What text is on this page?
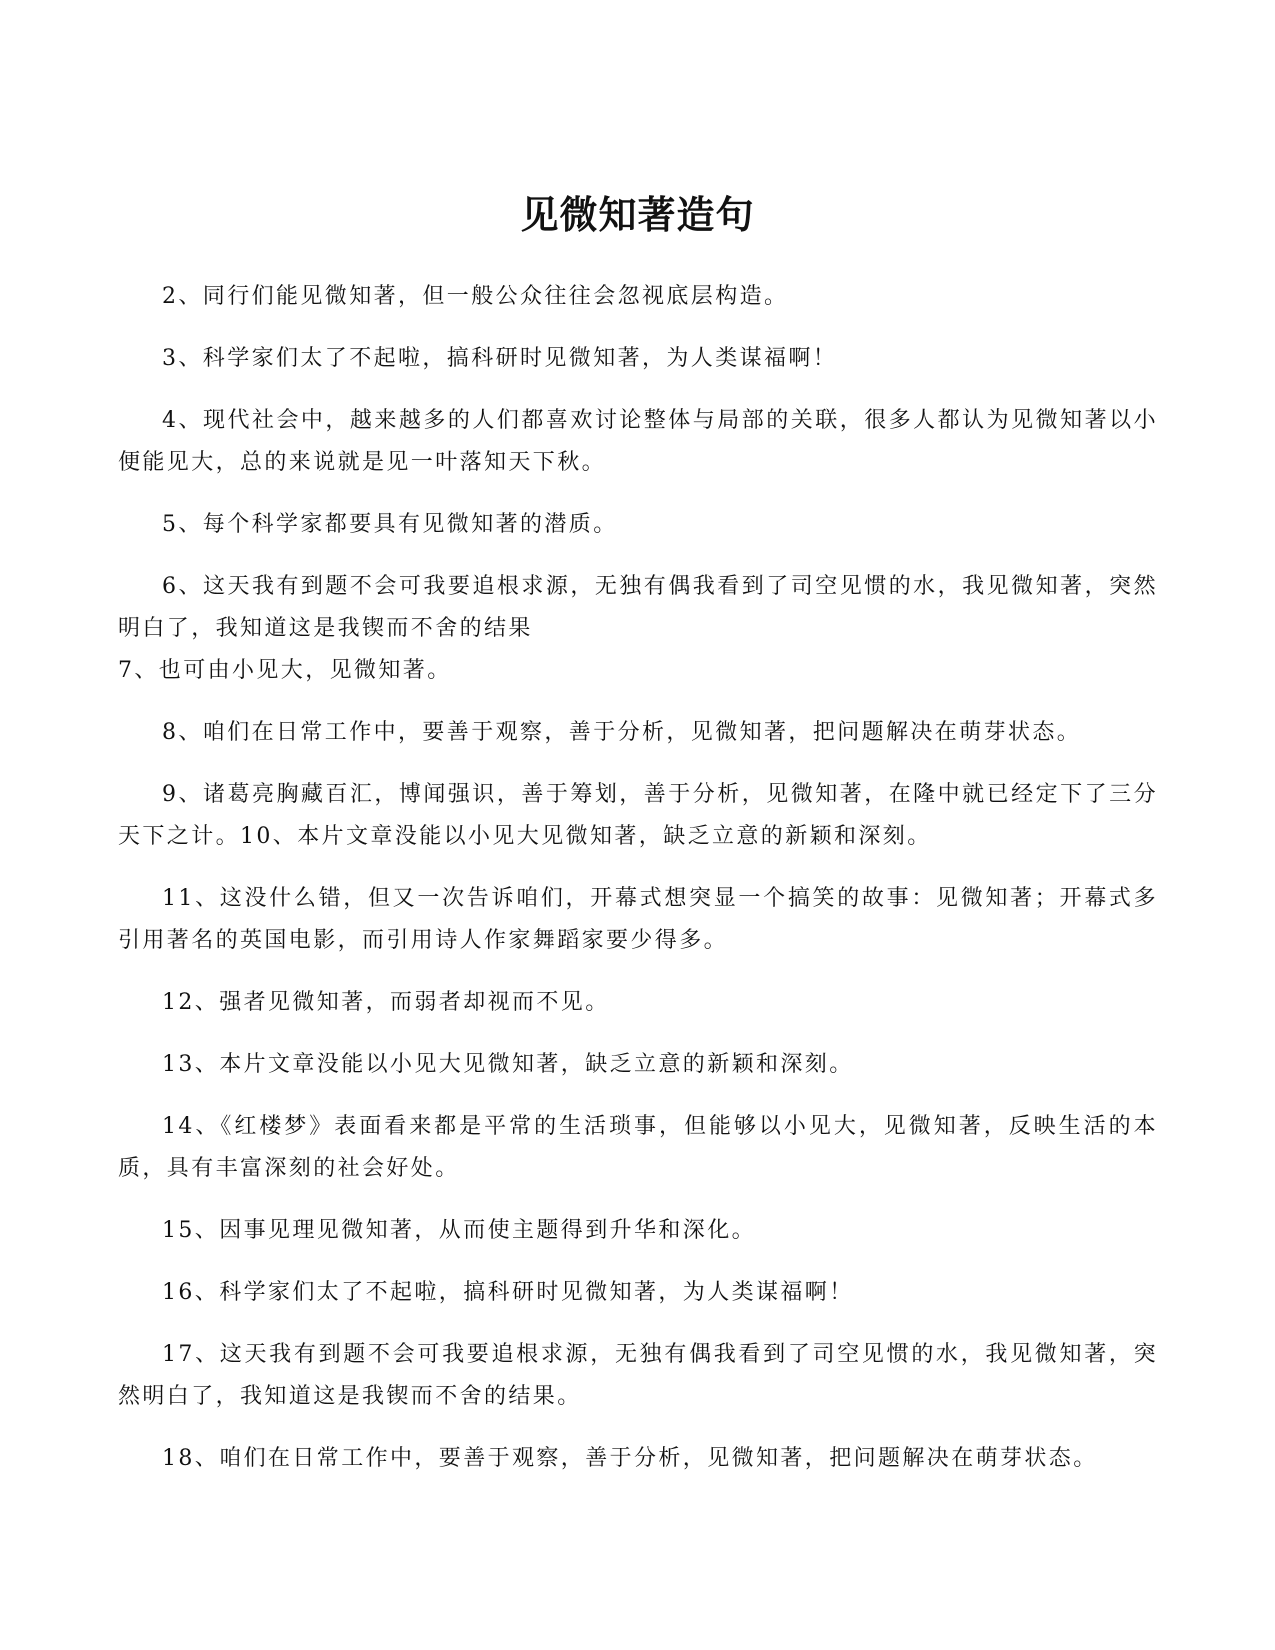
见微知著造句

2、同行们能见微知著，但一般公众往往会忽视底层构造。

3、科学家们太了不起啦，搞科研时见微知著，为人类谋福啊！

4、现代社会中，越来越多的人们都喜欢讨论整体与局部的关联，很多人都认为见微知著以小便能见大，总的来说就是见一叶落知天下秋。

5、每个科学家都要具有见微知著的潜质。

6、这天我有到题不会可我要追根求源，无独有偶我看到了司空见惯的水，我见微知著，突然明白了，我知道这是我锲而不舍的结果

7、也可由小见大，见微知著。

8、咱们在日常工作中，要善于观察，善于分析，见微知著，把问题解决在萌芽状态。

9、诸葛亮胸藏百汇，博闻强识，善于筹划，善于分析，见微知著，在隆中就已经定下了三分天下之计。10、本片文章没能以小见大见微知著，缺乏立意的新颖和深刻。

11、这没什么错，但又一次告诉咱们，开幕式想突显一个搞笑的故事：见微知著；开幕式多引用著名的英国电影，而引用诗人作家舞蹈家要少得多。

12、强者见微知著，而弱者却视而不见。

13、本片文章没能以小见大见微知著，缺乏立意的新颖和深刻。

14、《红楼梦》表面看来都是平常的生活琐事，但能够以小见大，见微知著，反映生活的本质，具有丰富深刻的社会好处。

15、因事见理见微知著，从而使主题得到升华和深化。

16、科学家们太了不起啦，搞科研时见微知著，为人类谋福啊！

17、这天我有到题不会可我要追根求源，无独有偶我看到了司空见惯的水，我见微知著，突然明白了，我知道这是我锲而不舍的结果。

18、咱们在日常工作中，要善于观察，善于分析，见微知著，把问题解决在萌芽状态。
